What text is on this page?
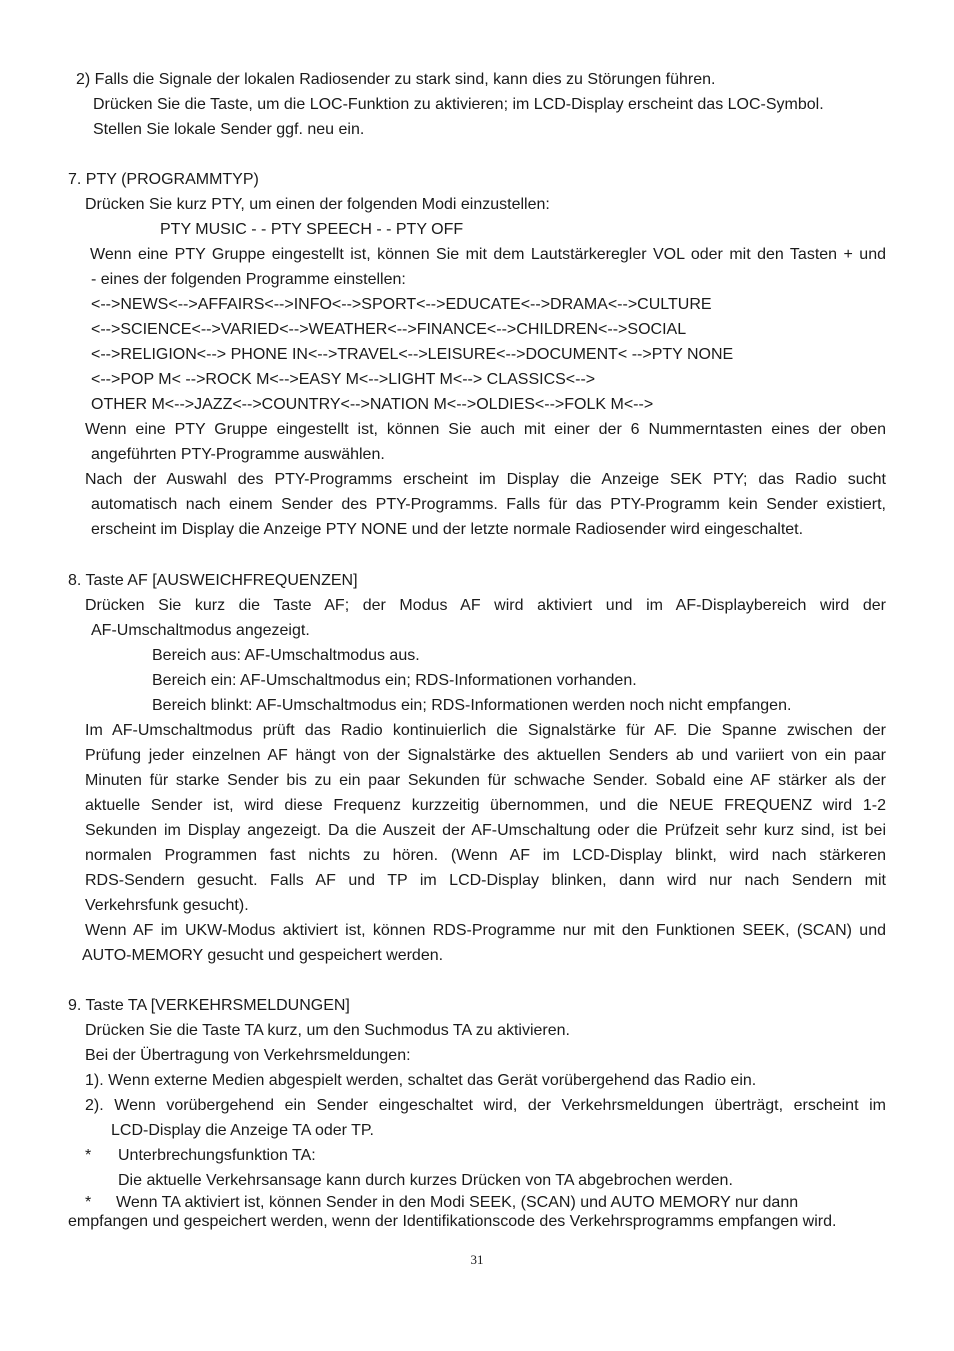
2) Falls die Signale der lokalen Radiosender zu stark sind, kann dies zu Störungen führen.
Drücken Sie die Taste, um die LOC-Funktion zu aktivieren; im LCD-Display erscheint das LOC-Symbol.
Stellen Sie lokale Sender ggf. neu ein.
7. PTY (PROGRAMMTYP)
Drücken Sie kurz PTY, um einen der folgenden Modi einzustellen:
PTY MUSIC - - PTY SPEECH - - PTY OFF
Wenn eine PTY Gruppe eingestellt ist, können Sie mit dem Lautstärkeregler VOL oder mit den Tasten + und
- eines der folgenden Programme einstellen:
<-->NEWS<-->AFFAIRS<-->INFO<-->SPORT<-->EDUCATE<-->DRAMA<-->CULTURE
<-->SCIENCE<-->VARIED<-->WEATHER<-->FINANCE<-->CHILDREN<-->SOCIAL
<-->RELIGION<--> PHONE IN<-->TRAVEL<-->LEISURE<-->DOCUMENT< -->PTY NONE
<-->POP M< -->ROCK M<-->EASY M<-->LIGHT M<--> CLASSICS<-->
OTHER M<-->JAZZ<-->COUNTRY<-->NATION M<-->OLDIES<-->FOLK M<-->
Wenn eine PTY Gruppe eingestellt ist, können Sie auch mit einer der 6 Nummerntasten eines der oben
angeführten PTY-Programme auswählen.
Nach der Auswahl des PTY-Programms erscheint im Display die Anzeige SEK PTY; das Radio sucht
automatisch nach einem Sender des PTY-Programms. Falls für das PTY-Programm kein Sender existiert,
erscheint im Display die Anzeige PTY NONE und der letzte normale Radiosender wird eingeschaltet.
8. Taste AF [AUSWEICHFREQUENZEN]
Drücken Sie kurz die Taste AF; der Modus AF wird aktiviert und im AF-Displaybereich wird der
AF-Umschaltmodus angezeigt.
Bereich aus: AF-Umschaltmodus aus.
Bereich ein: AF-Umschaltmodus ein; RDS-Informationen vorhanden.
Bereich blinkt: AF-Umschaltmodus ein; RDS-Informationen werden noch nicht empfangen.
Im AF-Umschaltmodus prüft das Radio kontinuierlich die Signalstärke für AF. Die Spanne zwischen der
Prüfung jeder einzelnen AF hängt von der Signalstärke des aktuellen Senders ab und variiert von ein paar
Minuten für starke Sender bis zu ein paar Sekunden für schwache Sender. Sobald eine AF stärker als der
aktuelle Sender ist, wird diese Frequenz kurzzeitig übernommen, und die NEUE FREQUENZ wird 1-2
Sekunden im Display angezeigt. Da die Auszeit der AF-Umschaltung oder die Prüfzeit sehr kurz sind, ist bei
normalen Programmen fast nichts zu hören. (Wenn AF im LCD-Display blinkt, wird nach stärkeren
RDS-Sendern gesucht. Falls AF und TP im LCD-Display blinken, dann wird nur nach Sendern mit
Verkehrsfunk gesucht).
Wenn AF im UKW-Modus aktiviert ist, können RDS-Programme nur mit den Funktionen SEEK, (SCAN) und
AUTO-MEMORY gesucht und gespeichert werden.
9. Taste TA [VERKEHRSMELDUNGEN]
Drücken Sie die Taste TA kurz, um den Suchmodus TA zu aktivieren.
Bei der Übertragung von Verkehrsmeldungen:
1). Wenn externe Medien abgespielt werden, schaltet das Gerät vorübergehend das Radio ein.
2). Wenn vorübergehend ein Sender eingeschaltet wird, der Verkehrsmeldungen überträgt, erscheint im
LCD-Display die Anzeige TA oder TP.
* Unterbrechungsfunktion TA:
Die aktuelle Verkehrsansage kann durch kurzes Drücken von TA abgebrochen werden.
* Wenn TA aktiviert ist, können Sender in den Modi SEEK, (SCAN) und AUTO MEMORY nur dann
empfangen und gespeichert werden, wenn der Identifikationscode des Verkehrsprogramms empfangen wird.
31
